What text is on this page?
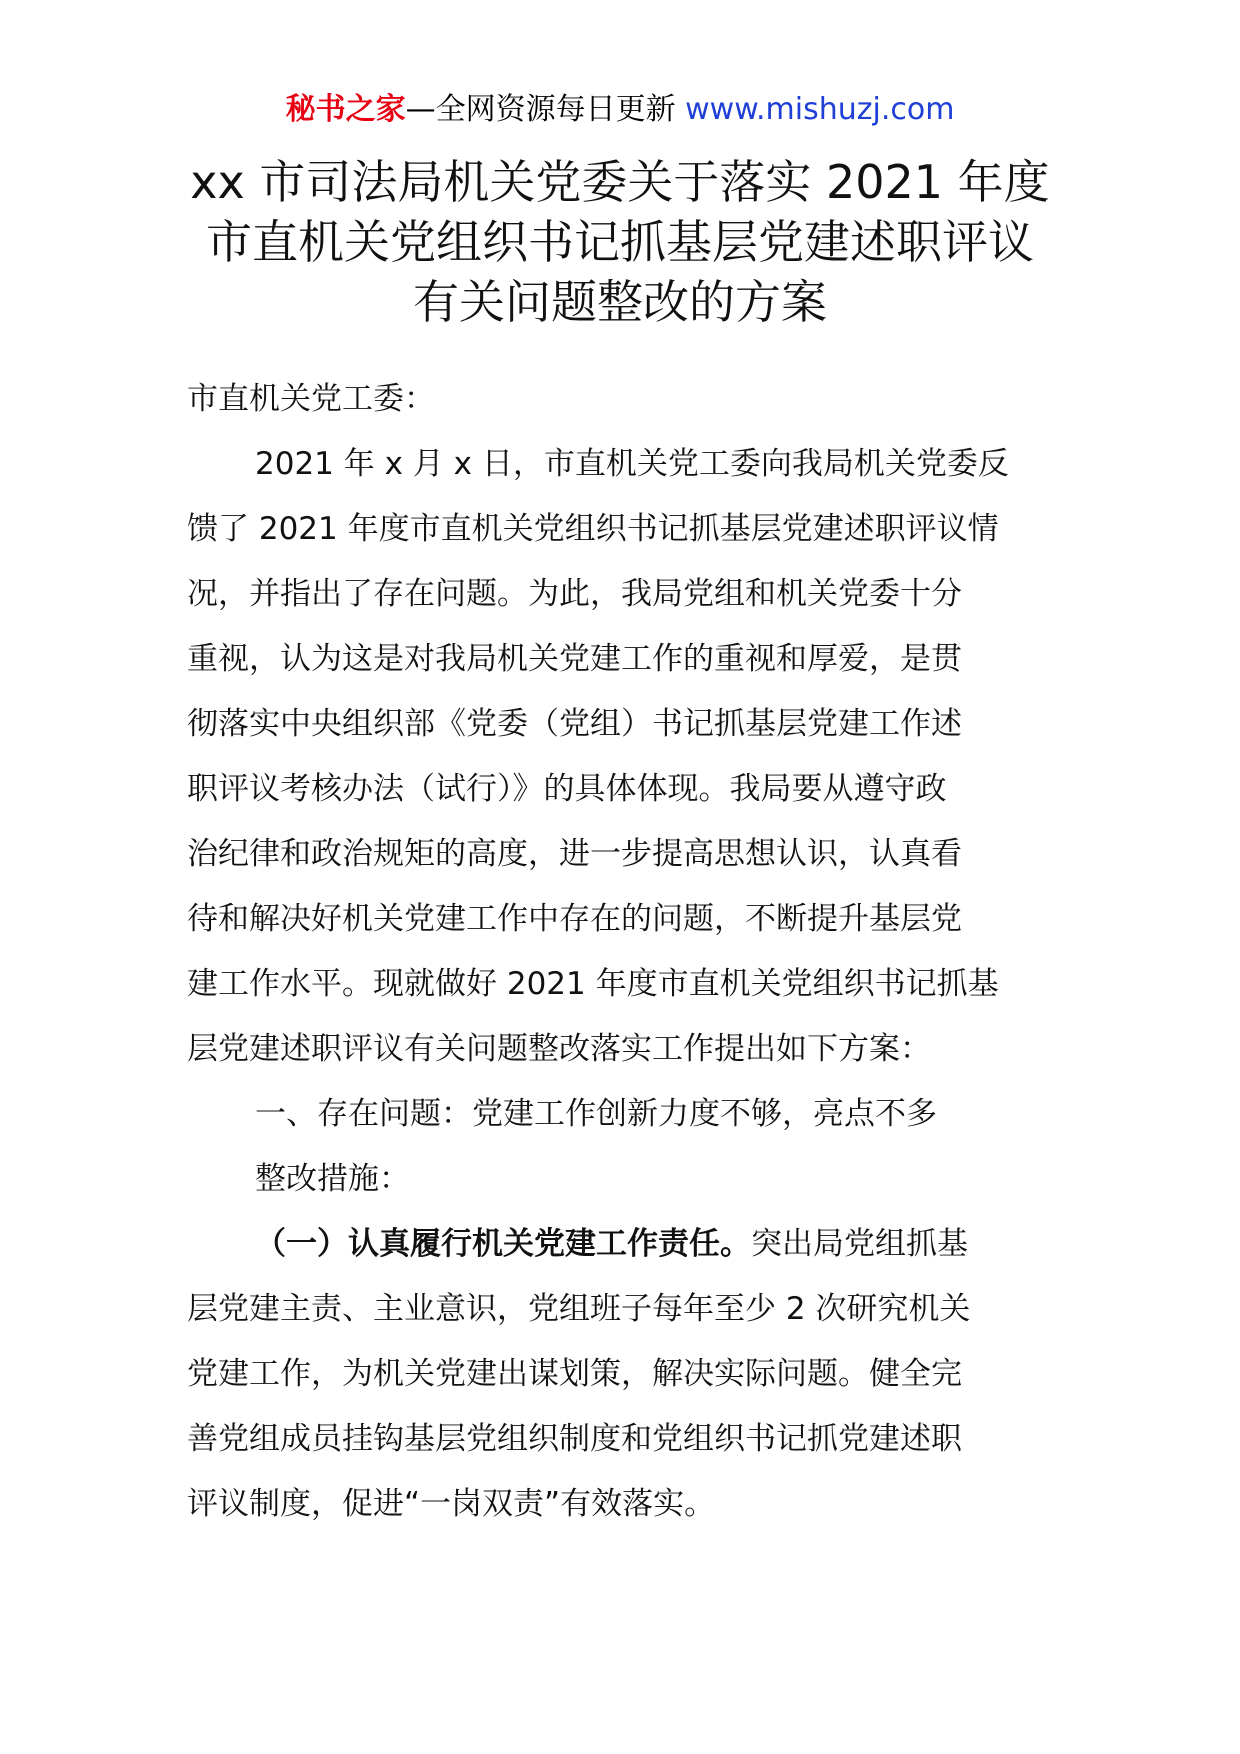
秘书之家—全网资源每日更新 www.mishuzj.com
xx 市司法局机关党委关于落实 2021 年度
市直机关党组织书记抓基层党建述职评议
有关问题整改的方案

市直机关党工委：

2021 年 x 月 x 日，市直机关党工委向我局机关党委反

馈了 2021 年度市直机关党组织书记抓基层党建述职评议情

况，并指出了存在问题。为此，我局党组和机关党委十分

重视，认为这是对我局机关党建工作的重视和厚爱，是贯

彻落实中央组织部《党委（党组）书记抓基层党建工作述

职评议考核办法（试行）》的具体体现。我局要从遵守政

治纪律和政治规矩的高度，进一步提高思想认识，认真看

待和解决好机关党建工作中存在的问题，不断提升基层党

建工作水平。现就做好 2021 年度市直机关党组织书记抓基

层党建述职评议有关问题整改落实工作提出如下方案：

一、存在问题：党建工作创新力度不够，亮点不多

整改措施：

（一）认真履行机关党建工作责任。突出局党组抓基

层党建主责、主业意识，党组班子每年至少 2 次研究机关

党建工作，为机关党建出谋划策，解决实际问题。健全完

善党组成员挂钩基层党组织制度和党组织书记抓党建述职

评议制度，促进“一岗双责”有效落实。
